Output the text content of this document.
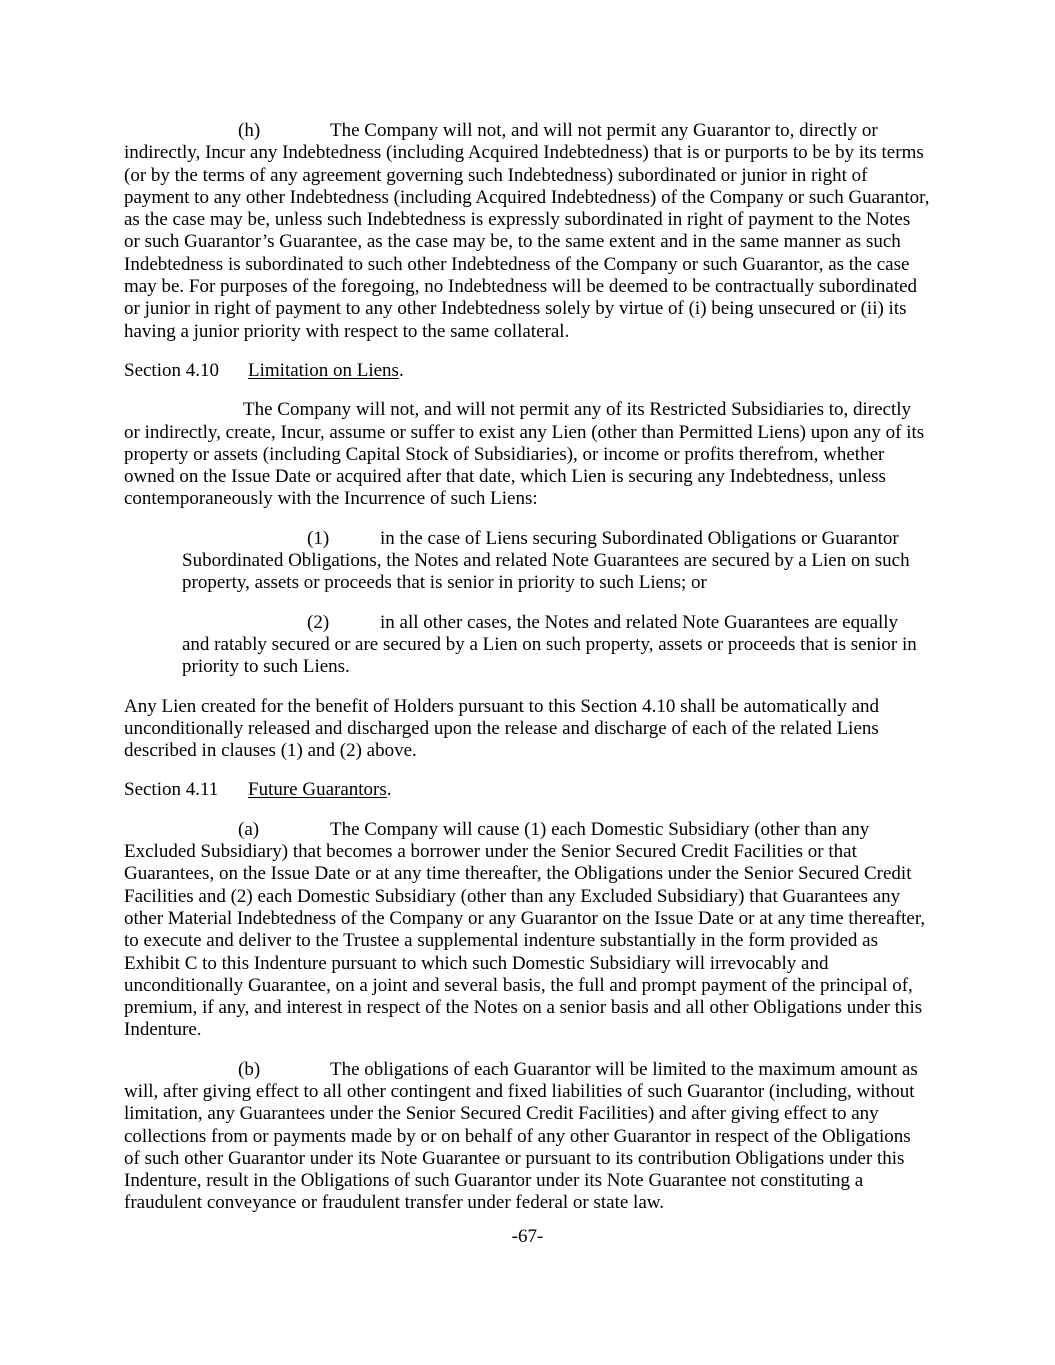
(h)	The Company will not, and will not permit any Guarantor to, directly or indirectly, Incur any Indebtedness (including Acquired Indebtedness) that is or purports to be by its terms (or by the terms of any agreement governing such Indebtedness) subordinated or junior in right of payment to any other Indebtedness (including Acquired Indebtedness) of the Company or such Guarantor, as the case may be, unless such Indebtedness is expressly subordinated in right of payment to the Notes or such Guarantor’s Guarantee, as the case may be, to the same extent and in the same manner as such Indebtedness is subordinated to such other Indebtedness of the Company or such Guarantor, as the case may be. For purposes of the foregoing, no Indebtedness will be deemed to be contractually subordinated or junior in right of payment to any other Indebtedness solely by virtue of (i) being unsecured or (ii) its having a junior priority with respect to the same collateral.

Section 4.10 Limitation on Liens.

The Company will not, and will not permit any of its Restricted Subsidiaries to, directly or indirectly, create, Incur, assume or suffer to exist any Lien (other than Permitted Liens) upon any of its property or assets (including Capital Stock of Subsidiaries), or income or profits therefrom, whether owned on the Issue Date or acquired after that date, which Lien is securing any Indebtedness, unless contemporaneously with the Incurrence of such Liens:

(1)	in the case of Liens securing Subordinated Obligations or Guarantor Subordinated Obligations, the Notes and related Note Guarantees are secured by a Lien on such property, assets or proceeds that is senior in priority to such Liens; or

(2)	in all other cases, the Notes and related Note Guarantees are equally and ratably secured or are secured by a Lien on such property, assets or proceeds that is senior in priority to such Liens.

Any Lien created for the benefit of Holders pursuant to this Section 4.10 shall be automatically and unconditionally released and discharged upon the release and discharge of each of the related Liens described in clauses (1) and (2) above.

Section 4.11 Future Guarantors.

(a)	The Company will cause (1) each Domestic Subsidiary (other than any Excluded Subsidiary) that becomes a borrower under the Senior Secured Credit Facilities or that Guarantees, on the Issue Date or at any time thereafter, the Obligations under the Senior Secured Credit Facilities and (2) each Domestic Subsidiary (other than any Excluded Subsidiary) that Guarantees any other Material Indebtedness of the Company or any Guarantor on the Issue Date or at any time thereafter, to execute and deliver to the Trustee a supplemental indenture substantially in the form provided as Exhibit C to this Indenture pursuant to which such Domestic Subsidiary will irrevocably and unconditionally Guarantee, on a joint and several basis, the full and prompt payment of the principal of, premium, if any, and interest in respect of the Notes on a senior basis and all other Obligations under this Indenture.

(b)	The obligations of each Guarantor will be limited to the maximum amount as will, after giving effect to all other contingent and fixed liabilities of such Guarantor (including, without limitation, any Guarantees under the Senior Secured Credit Facilities) and after giving effect to any collections from or payments made by or on behalf of any other Guarantor in respect of the Obligations of such other Guarantor under its Note Guarantee or pursuant to its contribution Obligations under this Indenture, result in the Obligations of such Guarantor under its Note Guarantee not constituting a fraudulent conveyance or fraudulent transfer under federal or state law.

-67-
